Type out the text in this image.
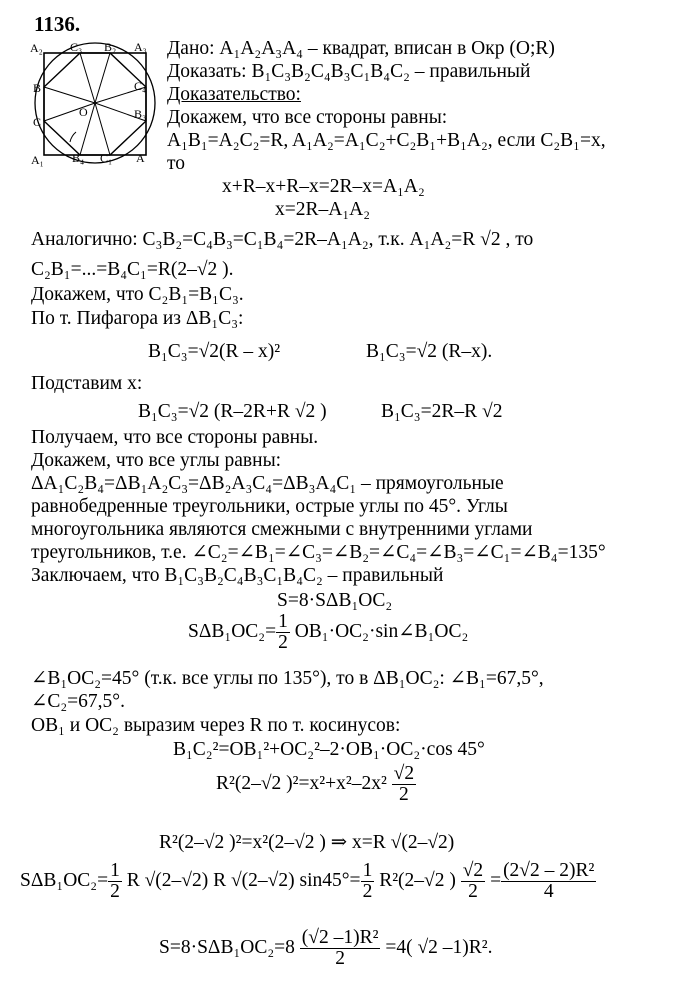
1136.
A₂ C₃ B₂ A₃
B	C₄
C
O	B₃
A₁ B₄ C₁ A
Дано: A₁A₂A₃A₄ – квадрат, вписан в Окр (O;R)
Доказать: B₁C₃B₂C₄B₃C₁B₄C₂ – правильный
Доказательство:
Докажем, что все стороны равны:
A₁B₁=A₂C₂=R, A₁A₂=A₁C₂+C₂B₁+B₁A₂, если C₂B₁=x,
то
x+R–x+R–x=2R–x=A₁A₂
x=2R–A₁A₂
Аналогично: C₃B₂=C₄B₃=C₁B₄=2R–A₁A₂, т.к. A₁A₂=R √2 , то
C₂B₁=...=B₄C₁=R(2–√2 ).
Докажем, что C₂B₁=B₁C₃.
По т. Пифагора из ΔB₁C₃:
B₁C₃=√2(R – x)²	B₁C₃=√2 (R–x).
Подставим x:
B₁C₃=√2 (R–2R+R √2 )	B₁C₃=2R–R √2
Получаем, что все стороны равны.
Докажем, что все углы равны:
ΔA₁C₂B₄=ΔB₁A₂C₃=ΔB₂A₃C₄=ΔB₃A₄C₁ – прямоугольные
равнобедренные треугольники, острые углы по 45°. Углы
многоугольника являются смежными с внутренними углами
треугольников, т.е. ∠C₂=∠B₁=∠C₃=∠B₂=∠C₄=∠B₃=∠C₁=∠B₄=135°
Заключаем, что B₁C₃B₂C₄B₃C₁B₄C₂ – правильный
S=8·SΔB₁OC₂
$S\Delta B_1OC_2= \frac{1}{2}$ OB₁·OC₂·sin∠B₁OC₂
∠B₁OC₂=45° (т.к. все углы по 135°), то в ΔB₁OC₂: ∠B₁=67,5°,
∠C₂=67,5°.
OB₁ и OC₂ выразим через R по т. косинусов:
B₁C₂²=OB₁²+OC₂²–2·OB₁·OC₂·cos 45°
R²(2–√2 )$^2=x^2+x^2-2x^2 \frac{√2}{2}$
R²(2–√2 )²=x²(2–√2 ) ⇒ x=R √(2–√2)
$S\Delta B_1OC_2= \frac{1}{2}$ R √(2–√2) R √(2–√2) $\sin 45^\circ= \frac{1}{2} R^2(2-√2$ ) $\frac{√2}{2} = \frac{\text{(2√2 – 2)R²}}{4}$
$S=8\cdot S\Delta B_1OC_2=8 \frac{\text{(√2 –1)R²}}{2} =4$( √2 –1)R².
